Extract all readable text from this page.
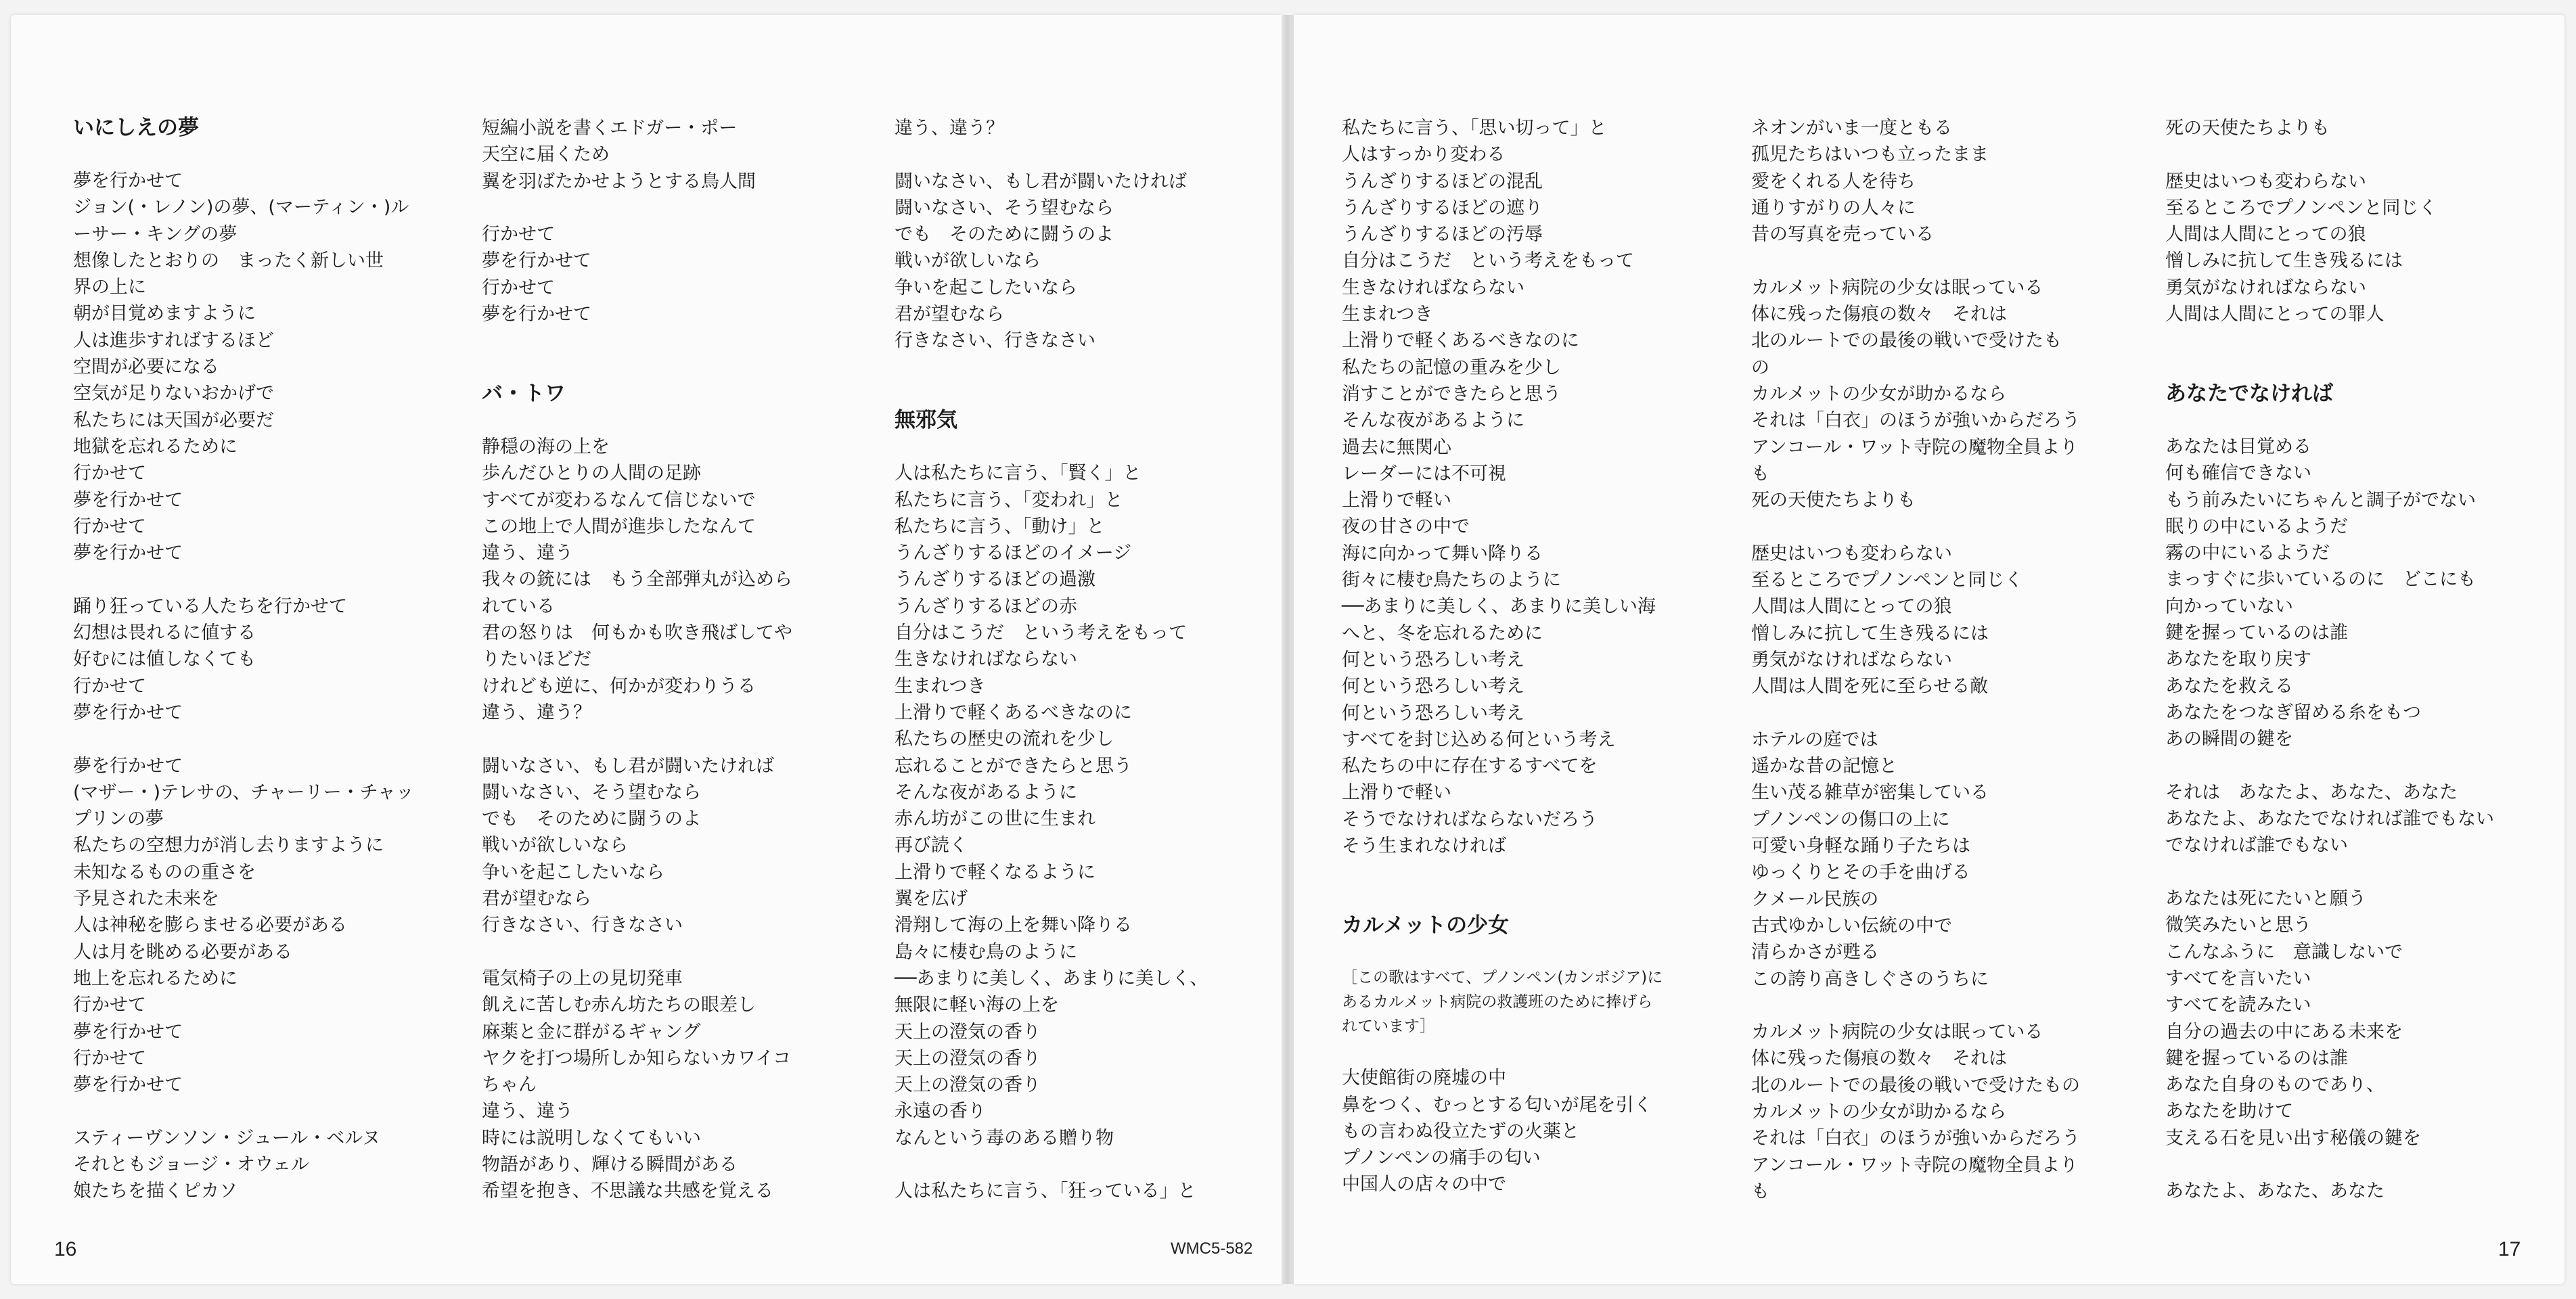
いにしえの夢
夢を行かせて
ジョン(・レノン)の夢、(マーティン・)ル
ーサー・キングの夢
想像したとおりの　まったく新しい世
界の上に
朝が目覚めますように
人は進歩すればするほど
空間が必要になる
空気が足りないおかげで
私たちには天国が必要だ
地獄を忘れるために
行かせて
夢を行かせて
行かせて
夢を行かせて
踊り狂っている人たちを行かせて
幻想は畏れるに値する
好むには値しなくても
行かせて
夢を行かせて
夢を行かせて
(マザー・)テレサの、チャーリー・チャッ
プリンの夢
私たちの空想力が消し去りますように
未知なるものの重さを
予見された未来を
人は神秘を膨らませる必要がある
人は月を眺める必要がある
地上を忘れるために
行かせて
夢を行かせて
行かせて
夢を行かせて
スティーヴンソン・ジュール・ベルヌ
それともジョージ・オウェル
娘たちを描くピカソ
短編小説を書くエドガー・ポー
天空に届くため
翼を羽ばたかせようとする鳥人間
行かせて
夢を行かせて
行かせて
夢を行かせて
バ・トワ
静穏の海の上を
歩んだひとりの人間の足跡
すべてが変わるなんて信じないで
この地上で人間が進歩したなんて
違う、違う
我々の銃には　もう全部弾丸が込めら
れている
君の怒りは　何もかも吹き飛ばしてや
りたいほどだ
けれども逆に、何かが変わりうる
違う、違う？
闘いなさい、もし君が闘いたければ
闘いなさい、そう望むなら
でも　そのために闘うのよ
戦いが欲しいなら
争いを起こしたいなら
君が望むなら
行きなさい、行きなさい
電気椅子の上の見切発車
飢えに苦しむ赤ん坊たちの眼差し
麻薬と金に群がるギャング
ヤクを打つ場所しか知らないカワイコ
ちゃん
違う、違う
時には説明しなくてもいい
物語があり、輝ける瞬間がある
希望を抱き、不思議な共感を覚える
違う、違う？
闘いなさい、もし君が闘いたければ
闘いなさい、そう望むなら
でも　そのために闘うのよ
戦いが欲しいなら
争いを起こしたいなら
君が望むなら
行きなさい、行きなさい
無邪気
人は私たちに言う、「賢く」と
私たちに言う、「変われ」と
私たちに言う、「動け」と
うんざりするほどのイメージ
うんざりするほどの過激
うんざりするほどの赤
自分はこうだ　という考えをもって
生きなければならない
生まれつき
上滑りで軽くあるべきなのに
私たちの歴史の流れを少し
忘れることができたらと思う
そんな夜があるように
赤ん坊がこの世に生まれ
再び読く
上滑りで軽くなるように
翼を広げ
滑翔して海の上を舞い降りる
島々に棲む鳥のように
──あまりに美しく、あまりに美しく、
無限に軽い海の上を
天上の澄気の香り
天上の澄気の香り
天上の澄気の香り
永遠の香り
なんという毒のある贈り物
人は私たちに言う、「狂っている」と
16	WMC5-582
私たちに言う、「思い切って」と
人はすっかり変わる
うんざりするほどの混乱
うんざりするほどの遮り
うんざりするほどの汚辱
自分はこうだ　という考えをもって
生きなければならない
生まれつき
上滑りで軽くあるべきなのに
私たちの記憶の重みを少し
消すことができたらと思う
そんな夜があるように
過去に無関心
レーダーには不可視
上滑りで軽い
夜の甘さの中で
海に向かって舞い降りる
街々に棲む鳥たちのように
──あまりに美しく、あまりに美しい海
へと、冬を忘れるために
何という恐ろしい考え
何という恐ろしい考え
何という恐ろしい考え
すべてを封じ込める何という考え
私たちの中に存在するすべてを
上滑りで軽い
そうでなければならないだろう
そう生まれなければ
カルメットの少女
［この歌はすべて、プノンペン(カンボジア)に
あるカルメット病院の救護班のために捧げら
れています］
大使館街の廃墟の中
鼻をつく、むっとする匂いが尾を引く
もの言わぬ役立たずの火薬と
プノンペンの痛手の匂い
中国人の店々の中で
ネオンがいま一度ともる
孤児たちはいつも立ったまま
愛をくれる人を待ち
通りすがりの人々に
昔の写真を売っている
カルメット病院の少女は眠っている
体に残った傷痕の数々　それは
北のルートでの最後の戦いで受けたも
の
カルメットの少女が助かるなら
それは「白衣」のほうが強いからだろう
アンコール・ワット寺院の魔物全員より
も
死の天使たちよりも
歴史はいつも変わらない
至るところでプノンペンと同じく
人間は人間にとっての狼
憎しみに抗して生き残るには
勇気がなければならない
人間は人間を死に至らせる敵
ホテルの庭では
遥かな昔の記憶と
生い茂る雑草が密集している
プノンペンの傷口の上に
可愛い身軽な踊り子たちは
ゆっくりとその手を曲げる
クメール民族の
古式ゆかしい伝統の中で
清らかさが甦る
この誇り高きしぐさのうちに
カルメット病院の少女は眠っている
体に残った傷痕の数々　それは
北のルートでの最後の戦いで受けたもの
カルメットの少女が助かるなら
それは「白衣」のほうが強いからだろう
アンコール・ワット寺院の魔物全員より
も
死の天使たちよりも
歴史はいつも変わらない
至るところでプノンペンと同じく
人間は人間にとっての狼
憎しみに抗して生き残るには
勇気がなければならない
人間は人間にとっての罪人
あなたでなければ
あなたは目覚める
何も確信できない
もう前みたいにちゃんと調子がでない
眠りの中にいるようだ
霧の中にいるようだ
まっすぐに歩いているのに　どこにも
向かっていない
鍵を握っているのは誰
あなたを取り戻す
あなたを救える
あなたをつなぎ留める糸をもつ
あの瞬間の鍵を
それは　あなたよ、あなた、あなた
あなたよ、あなたでなければ誰でもない
でなければ誰でもない
あなたは死にたいと願う
微笑みたいと思う
こんなふうに　意識しないで
すべてを言いたい
すべてを読みたい
自分の過去の中にある未来を
鍵を握っているのは誰
あなた自身のものであり、
あなたを助けて
支える石を見い出す秘儀の鍵を
あなたよ、あなた、あなた
17
